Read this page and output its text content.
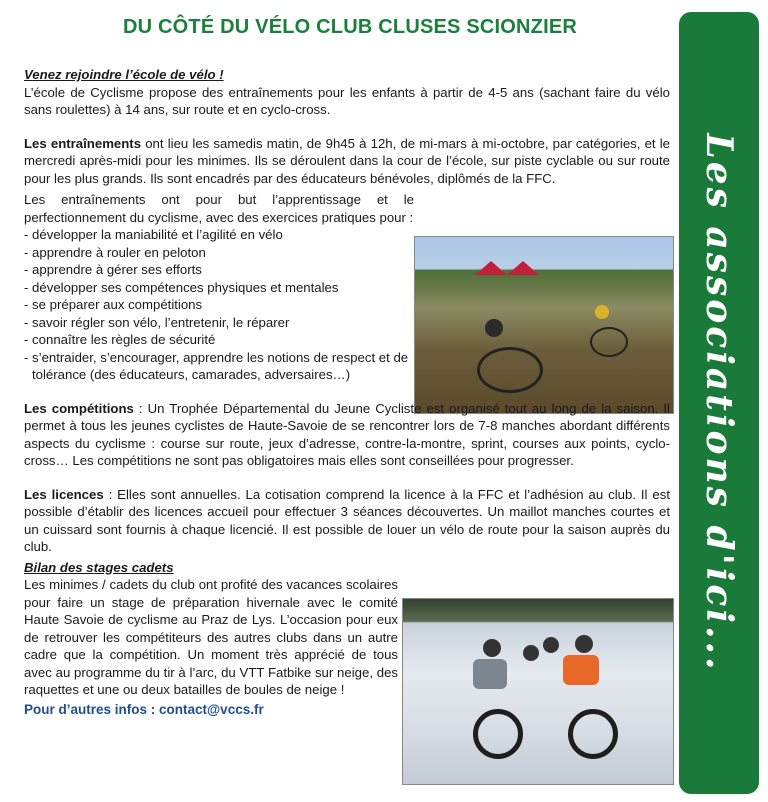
DU CÔTÉ DU VÉLO CLUB CLUSES SCIONZIER
Les associations d'ici...

Venez rejoindre l’école de vélo !

L’école de Cyclisme propose des entraînements pour les enfants à partir de 4-5 ans (sachant faire du vélo sans roulettes) à 14 ans, sur route et en cyclo-cross.

Les entraînements ont lieu les samedis matin, de 9h45 à 12h, de mi-mars à mi-octobre, par catégories, et le mercredi après-midi pour les minimes. Ils se déroulent dans la cour de l’école, sur piste cyclable ou sur route pour les plus grands. Ils sont encadrés par des éducateurs bénévoles, diplômés de la FFC.

Les entraînements ont pour but l’apprentissage et le perfectionnement du cyclisme, avec des exercices pratiques pour :

- développer la maniabilité et l’agilité en vélo
- apprendre à rouler en peloton
- apprendre à gérer ses efforts
- développer ses compétences physiques et mentales
- se préparer aux compétitions
- savoir régler son vélo, l’entretenir, le réparer
- connaître les règles de sécurité
- s’entraider, s’encourager, apprendre les notions de respect et de tolérance (des éducateurs, camarades, adversaires…)

Les compétitions : Un Trophée Départemental du Jeune Cycliste est organisé tout au long de la saison. Il permet à tous les jeunes cyclistes de Haute-Savoie de se rencontrer lors de 7-8 manches abordant différents aspects du cyclisme : course sur route, jeux d’adresse, contre-la-montre, sprint, courses aux points, cyclo-cross… Les compétitions ne sont pas obligatoires mais elles sont conseillées pour progresser.

Les licences : Elles sont annuelles. La cotisation comprend la licence à la FFC et l’adhésion au club. Il est possible d’établir des licences accueil pour effectuer 3 séances découvertes. Un maillot manches courtes et un cuissard sont fournis à chaque licencié. Il est possible de louer un vélo de route pour la saison auprès du club.

Bilan des stages cadets

Les minimes / cadets du club ont profité des vacances scolaires pour faire un stage de préparation hivernale avec le comité Haute Savoie de cyclisme au Praz de Lys. L’occasion pour eux de retrouver les compétiteurs des autres clubs dans un autre cadre que la compétition. Un moment très apprécié de tous avec au programme du tir à l’arc, du VTT Fatbike sur neige, des raquettes et une ou deux batailles de boules de neige !

Pour d’autres infos : contact@vccs.fr
